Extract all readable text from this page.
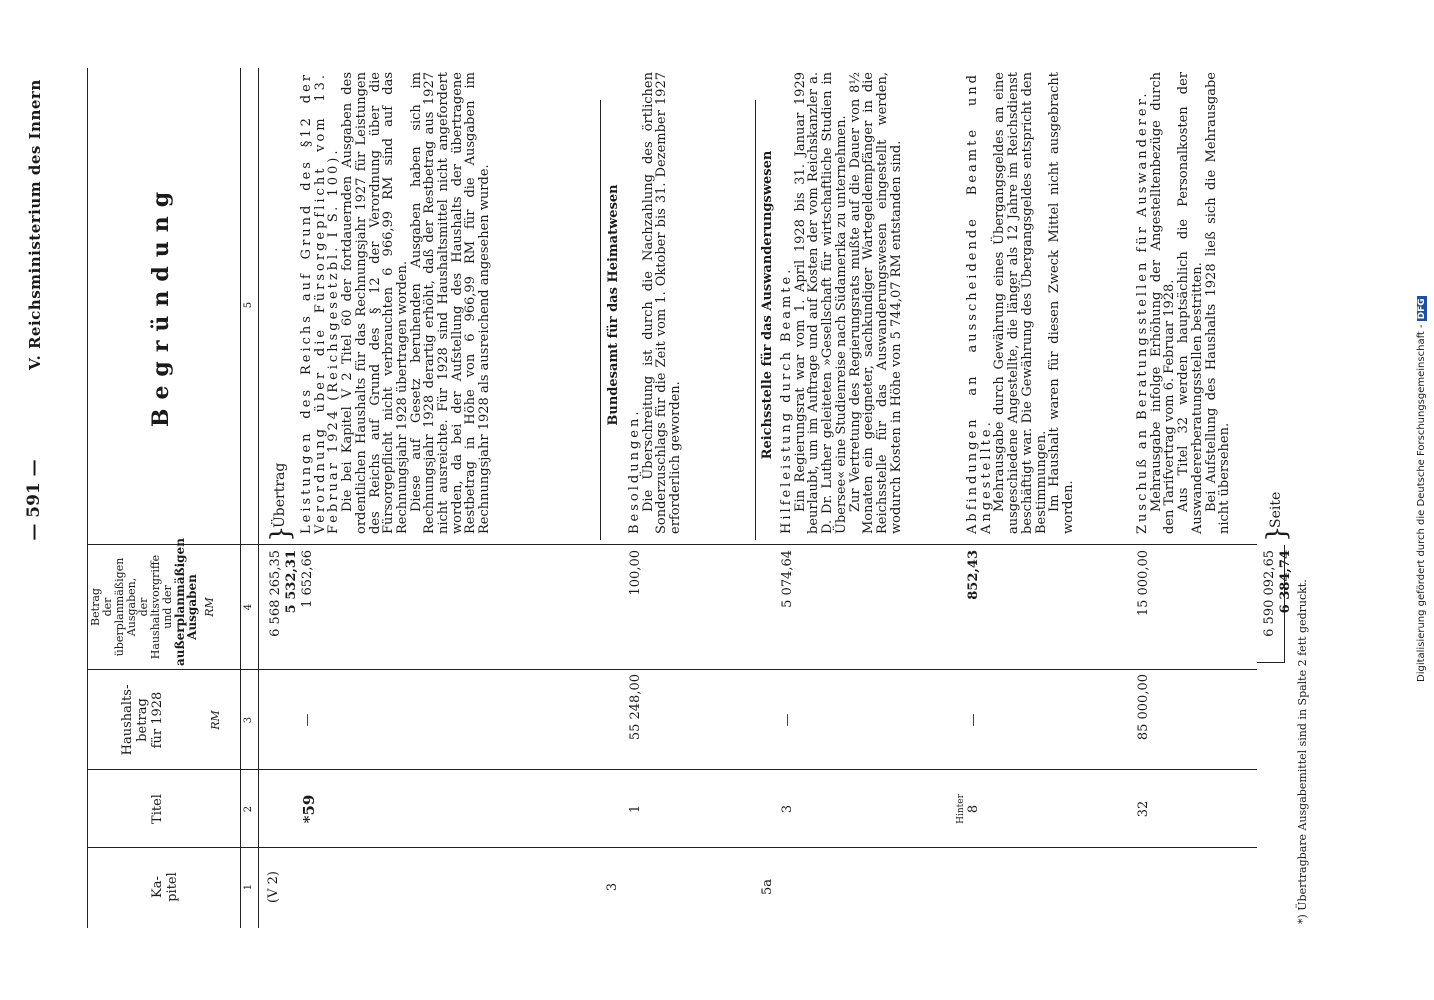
— 591 —
V. Reichsministerium des Innern
Digitalisierung gefördert durch die Deutsche Forschungsgemeinschaft -DFG
Ka-
pitel
Titel
Haushalts-
betrag
für 1928	RM
Betrag der überplanmäßigen Ausgaben, der Haushaltsvorgriffe und der außerplanmäßigen
Ausgaben RM
Begründung
1
2
3
4
5
(V 2)
6 568 265,35 5 532,31
}
Übertrag
*59
—
1 652,66

Leistungen des Reichs auf Grund des §12 der Verordnung über die Fürsorgepflicht vom 13. Februar 1924 (Reichsgesetzbl. I S. 100).

Die bei Kapitel V 2 Titel 60 der fortdauernden Ausgaben des ordentlichen Haushalts für das Rechnungsjahr 1927 für Leistungen des Reichs auf Grund des § 12 der Verordnung über die Fürsorgepflicht nicht verbrauchten 6 966,99 RM sind auf das Rechnungsjahr 1928 übertragen worden.

Diese auf Gesetz beruhenden Ausgaben haben sich im Rechnungsjahr 1928 derartig erhöht, daß der Restbetrag aus 1927 nicht ausreichte. Für 1928 sind Haushaltsmittel nicht angefordert worden, da bei der Aufstellung des Haushalts der übertragene Restbetrag in Höhe von 6 966,99 RM für die Ausgaben im Rechnungsjahr 1928 als ausreichend angesehen wurde.

3
Bundesamt für das Heimatwesen
1
55 248,00
100,00

Besoldungen.

Die Überschreitung ist durch die Nachzahlung des örtlichen Sonderzuschlags für die Zeit vom 1. Oktober bis 31. Dezember 1927 erforderlich geworden.

5a
Reichsstelle für das Auswanderungswesen
3
—
5 074,64

Hilfeleistung durch Beamte.

Ein Regierungsrat war vom 1. April 1928 bis 31. Januar 1929 beurlaubt, um im Auftrage und auf Kosten der vom Reichskanzler a. D. Dr. Luther geleiteten »Gesellschaft für wirtschaftliche Studien in Übersee« eine Studienreise nach Südamerika zu unternehmen.

Zur Vertretung des Regierungsrats mußte auf die Dauer von 8½ Monaten ein geeigneter, sachkundiger Wartegeldempfänger in die Reichsstelle für das Auswanderungswesen eingestellt werden, wodurch Kosten in Höhe von 5 744,07 RM entstanden sind.

Hinter 8
—
852,43

Abfindungen an ausscheidende Beamte und Angestellte.

Mehrausgabe durch Gewährung eines Übergangsgeldes an eine ausgeschiedene Angestellte, die länger als 12 Jahre im Reichsdienst beschäftigt war. Die Gewährung des Übergangsgeldes entspricht den Bestimmungen.

Im Haushalt waren für diesen Zweck Mittel nicht ausgebracht worden.

32
85 000,00
15 000,00

Zuschuß an Beratungsstellen für Auswanderer.

Mehrausgabe infolge Erhöhung der Angestelltenbezüge durch den Tarifvertrag vom 6. Februar 1928.

Aus Titel 32 werden hauptsächlich die Personalkosten der Auswandererberatungsstellen bestritten.

Bei Aufstellung des Haushalts 1928 ließ sich die Mehrausgabe nicht übersehen.

6 590 092,65 6 384,74
}
Seite
*) Übertragbare Ausgabemittel sind in Spalte 2 fett gedruckt.
